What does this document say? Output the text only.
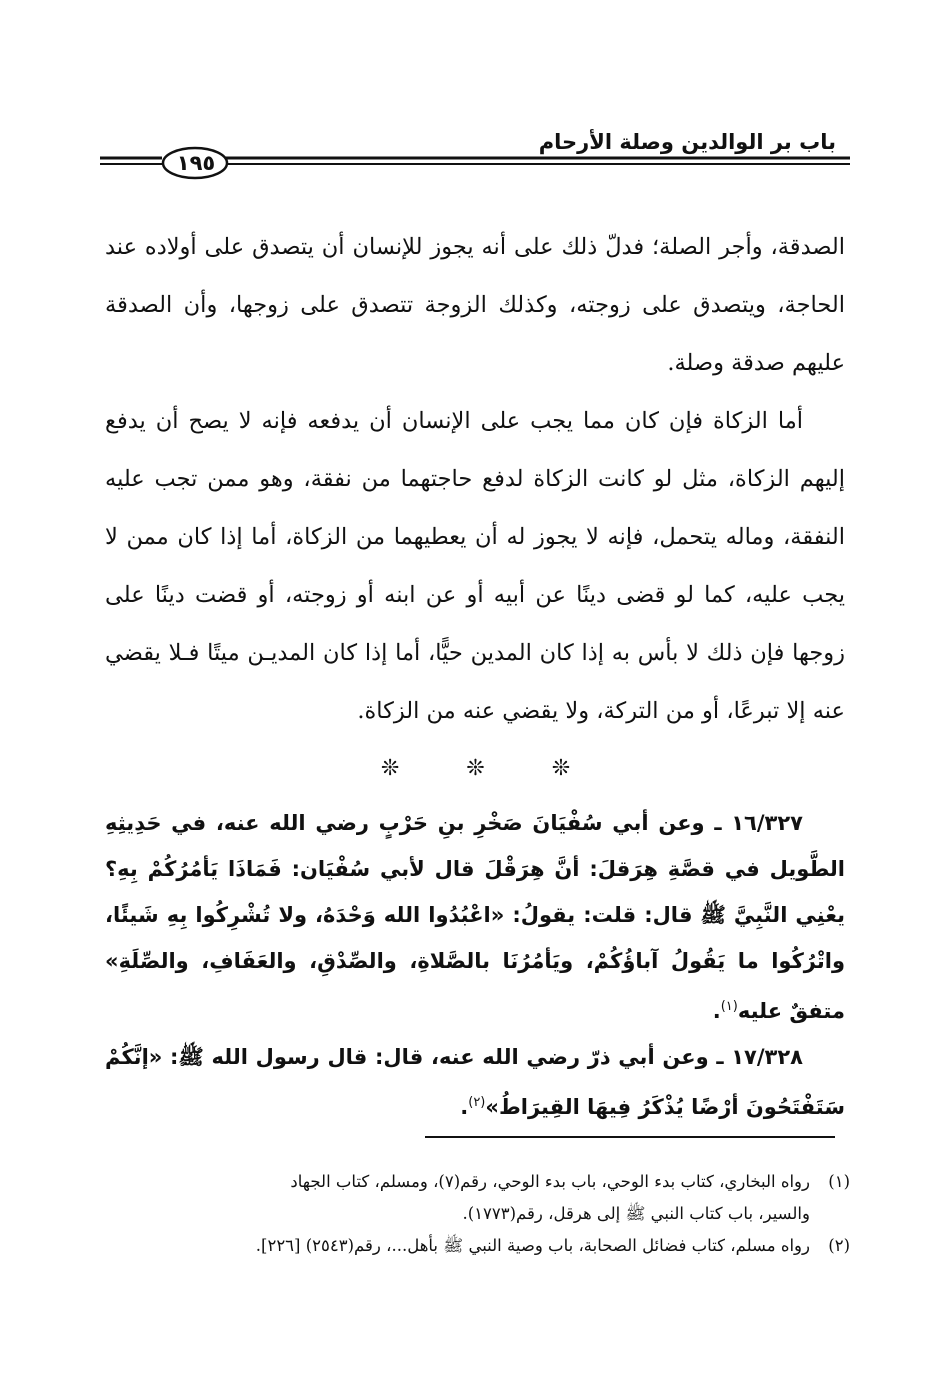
باب بر الوالدين وصلة الأرحام
١٩٥

الصدقة، وأجر الصلة؛ فدلّ ذلك على أنه يجوز للإنسان أن يتصدق على أولاده عند الحاجة، ويتصدق على زوجته، وكذلك الزوجة تتصدق على زوجها، وأن الصدقة عليهم صدقة وصلة.

أما الزكاة فإن كان مما يجب على الإنسان أن يدفعه فإنه لا يصح أن يدفع إليهم الزكاة، مثل لو كانت الزكاة لدفع حاجتهما من نفقة، وهو ممن تجب عليه النفقة، وماله يتحمل، فإنه لا يجوز له أن يعطيهما من الزكاة، أما إذا كان ممن لا يجب عليه، كما لو قضى دينًا عن أبيه أو عن ابنه أو زوجته، أو قضت دينًا على زوجها فإن ذلك لا بأس به إذا كان المدين حيًّا، أما إذا كان المديـن ميتًا فـلا يقضي عنه إلا تبرعًا، أو من التركة، ولا يقضي عنه من الزكاة.

❊	❊	❊

١٦/٣٢٧ ـ وعن أبي سُفْيَانَ صَخْرِ بنِ حَرْبٍ رضي الله عنه، في حَدِيثِهِ الطَّويل في قصَّةِ هِرَقلَ: أنَّ هِرَقْلَ قال لأبي سُفْيَان: فَمَاذَا يَأمُرُكُمْ بِهِ؟ يعْنِي النَّبِيَّ ﷺ قال: قلت: يقولُ: «اعْبُدُوا الله وَحْدَهُ، ولا تُشْرِكُوا بِهِ شَيئًا، واتْرُكُوا ما يَقُولُ آباؤُكُمْ، ويَأمُرُنَا بالصَّلاةِ، والصِّدْقِ، والعَفَافِ، والصِّلَةِ» متفقٌ عليه$^{(١)}$.

١٧/٣٢٨ ـ وعن أبي ذرّ رضي الله عنه، قال: قال رسول الله ﷺ: «إنَّكُمْ سَتَفْتَحُونَ أرْضًا يُذْكَرُ فِيهَا القِيرَاطُ»$^{(٢)}$.

(١)رواه البخاري، كتاب بدء الوحي، باب بدء الوحي، رقم(٧)، ومسلم، كتاب الجهاد

والسير، باب كتاب النبي ﷺ إلى هرقل، رقم(١٧٧٣).

(٢)رواه مسلم، كتاب فضائل الصحابة، باب وصية النبي ﷺ بأهل...، رقم(٢٥٤٣) [٢٢٦].
